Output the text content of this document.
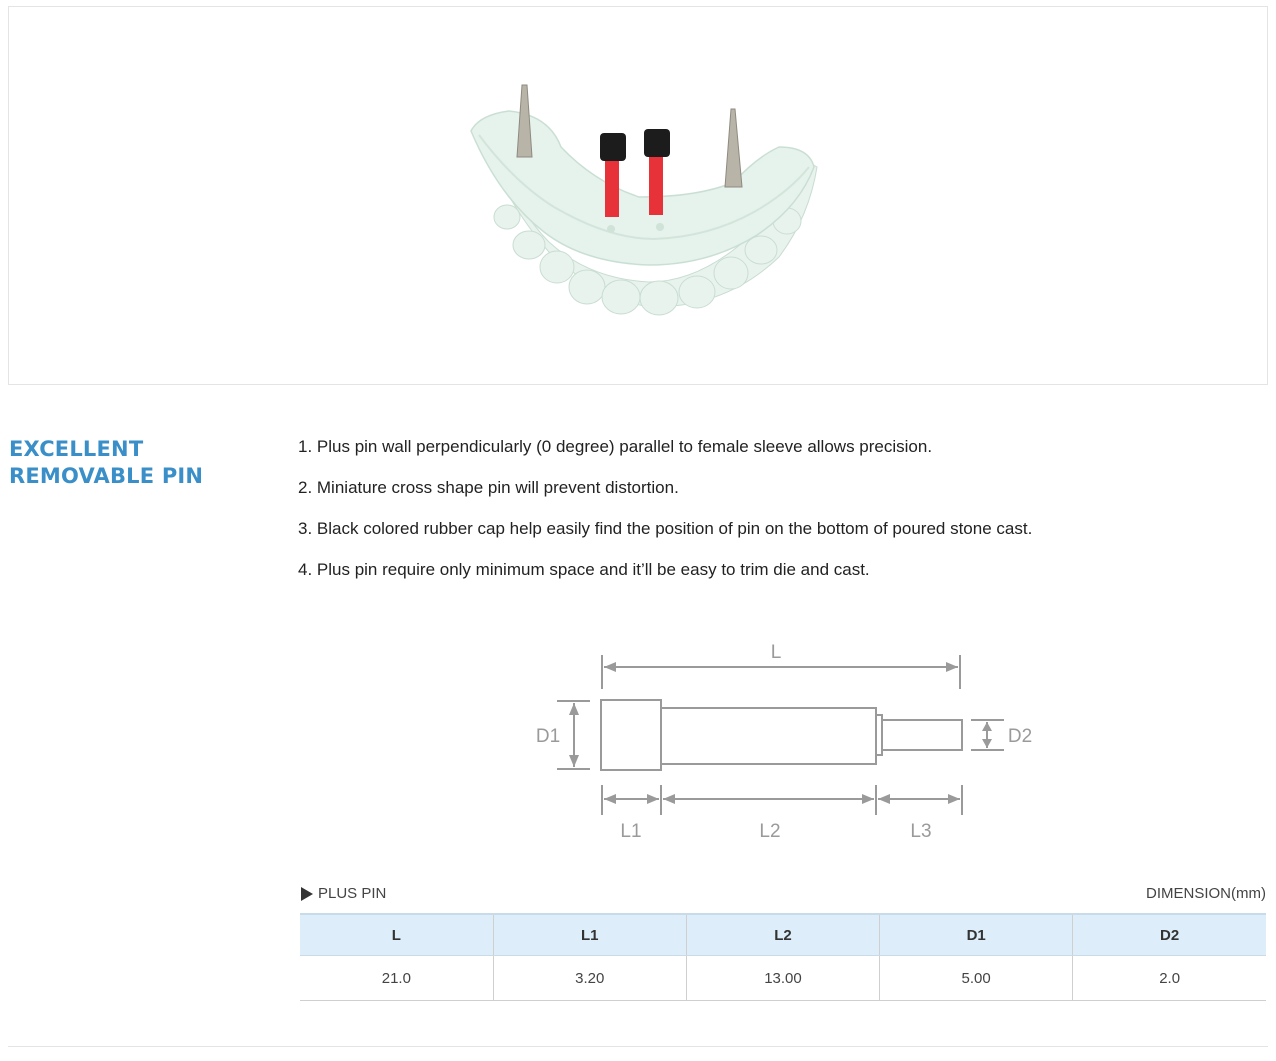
EXCELLENT
REMOVABLE PIN
1. Plus pin wall perpendicularly (0 degree) parallel to female sleeve allows precision.
2. Miniature cross shape pin will prevent distortion.
3. Black colored rubber cap help easily find the position of pin on the bottom of poured stone cast.
4. Plus pin require only minimum space and it’ll be easy to trim die and cast.
L
D1	D2
L1	L2	L3
PLUS PIN	DIMENSION(mm)
L	L1	L2	D1	D2
21.0	3.20	13.00	5.00	2.0
